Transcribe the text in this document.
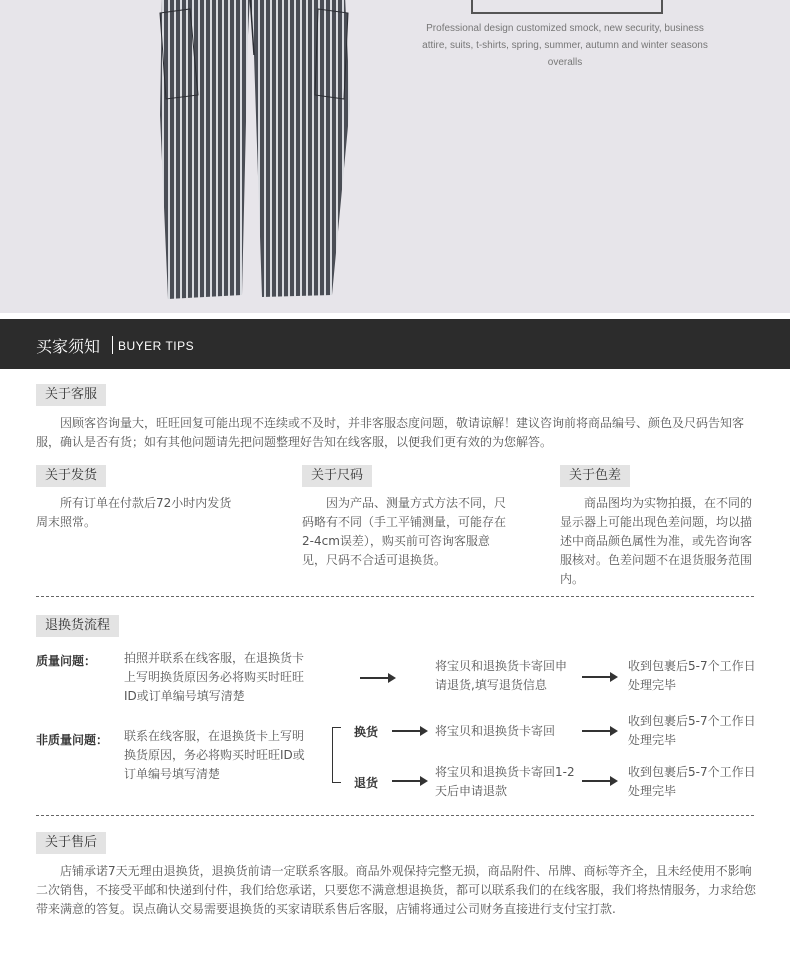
Professional design customized smock, new security, business attire, suits, t-shirts, spring, summer, autumn and winter seasons overalls
买家须知 BUYER TIPS
关于客服

因顾客咨询量大，旺旺回复可能出现不连续或不及时，并非客服态度问题，敬请谅解！建议咨询前将商品编号、颜色及尺码告知客服，确认是否有货；如有其他问题请先把问题整理好告知在线客服，以便我们更有效的为您解答。

关于发货

所有订单在付款后72小时内发货周末照常。

关于尺码

因为产品、测量方式方法不同，尺码略有不同（手工平铺测量，可能存在2-4cm误差），购买前可咨询客服意见，尺码不合适可退换货。

关于色差

商品图均为实物拍摄，在不同的显示器上可能出现色差问题，均以描述中商品颜色属性为准，或先咨询客服核对。色差问题不在退货服务范围内。

退换货流程
质量问题： 拍照并联系在线客服，在退换货卡上写明换货原因务必将购买时旺旺ID或订单编号填写清楚
将宝贝和退换货卡寄回申请退货,填写退货信息
收到包裹后5-7个工作日处理完毕
非质量问题： 联系在线客服，在退换货卡上写明换货原因，务必将购买时旺旺ID或订单编号填写清楚
换货	将宝贝和退换货卡寄回
收到包裹后5-7个工作日处理完毕
退货
将宝贝和退换货卡寄回1-2天后申请退款
收到包裹后5-7个工作日处理完毕
关于售后

店铺承诺7天无理由退换货，退换货前请一定联系客服。商品外观保持完整无损，商品附件、吊牌、商标等齐全，且未经使用不影响二次销售，不接受平邮和快递到付件，我们给您承诺，只要您不满意想退换货，都可以联系我们的在线客服，我们将热情服务，力求给您带来满意的答复。误点确认交易需要退换货的买家请联系售后客服，店铺将通过公司财务直接进行支付宝打款.
